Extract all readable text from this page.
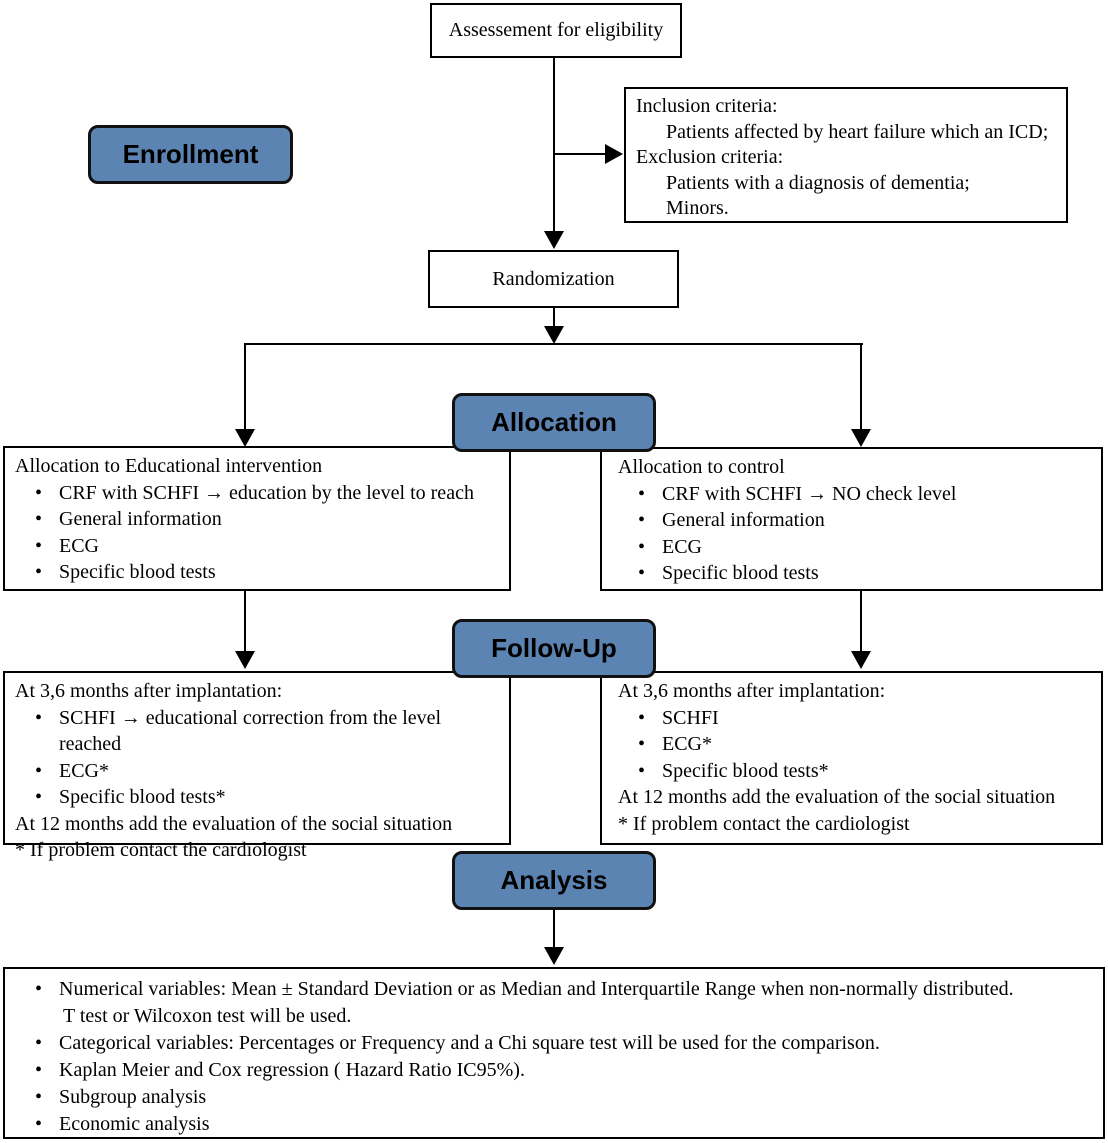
Assessement for eligibility
Inclusion criteria:
Patients affected by heart failure which an ICD;
Exclusion criteria:
Patients with a diagnosis of dementia;
Minors.
Enrollment
Randomization
Allocation
Allocation to Educational intervention
• CRF with SCHFI → education by the level to reach
• General information
• ECG
• Specific blood tests
Allocation to control
• CRF with SCHFI → NO check level
• General information
• ECG
• Specific blood tests
Follow-Up
At 3,6 months after implantation:
• SCHFI → educational correction from the level reached
• ECG*
• Specific blood tests*
At 12 months add the evaluation of the social situation
* If problem contact the cardiologist
At 3,6 months after implantation:
• SCHFI
• ECG*
• Specific blood tests*
At 12 months add the evaluation of the social situation
* If problem contact the cardiologist
Analysis
• Numerical variables: Mean ± Standard Deviation or as Median and Interquartile Range when non-normally distributed.
T test or Wilcoxon test will be used.
• Categorical variables: Percentages or Frequency and a Chi square test will be used for the comparison.
• Kaplan Meier and Cox regression ( Hazard Ratio IC95%).
• Subgroup analysis
• Economic analysis
